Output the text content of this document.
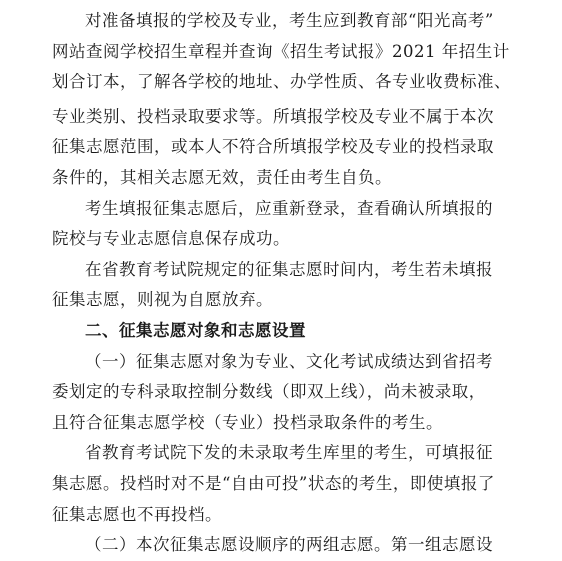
对准备填报的学校及专业，考生应到教育部“阳光高考”
网站查阅学校招生章程并查询《招生考试报》2021 年招生计
划合订本，了解各学校的地址、办学性质、各专业收费标准、
专业类别、投档录取要求等。所填报学校及专业不属于本次
征集志愿范围，或本人不符合所填报学校及专业的投档录取
条件的，其相关志愿无效，责任由考生自负。
考生填报征集志愿后，应重新登录，查看确认所填报的
院校与专业志愿信息保存成功。
在省教育考试院规定的征集志愿时间内，考生若未填报
征集志愿，则视为自愿放弃。
二、征集志愿对象和志愿设置
（一）征集志愿对象为专业、文化考试成绩达到省招考
委划定的专科录取控制分数线（即双上线），尚未被录取，
且符合征集志愿学校（专业）投档录取条件的考生。
省教育考试院下发的未录取考生库里的考生，可填报征
集志愿。投档时对不是“自由可投”状态的考生，即使填报了
征集志愿也不再投档。
（二）本次征集志愿设顺序的两组志愿。第一组志愿设
